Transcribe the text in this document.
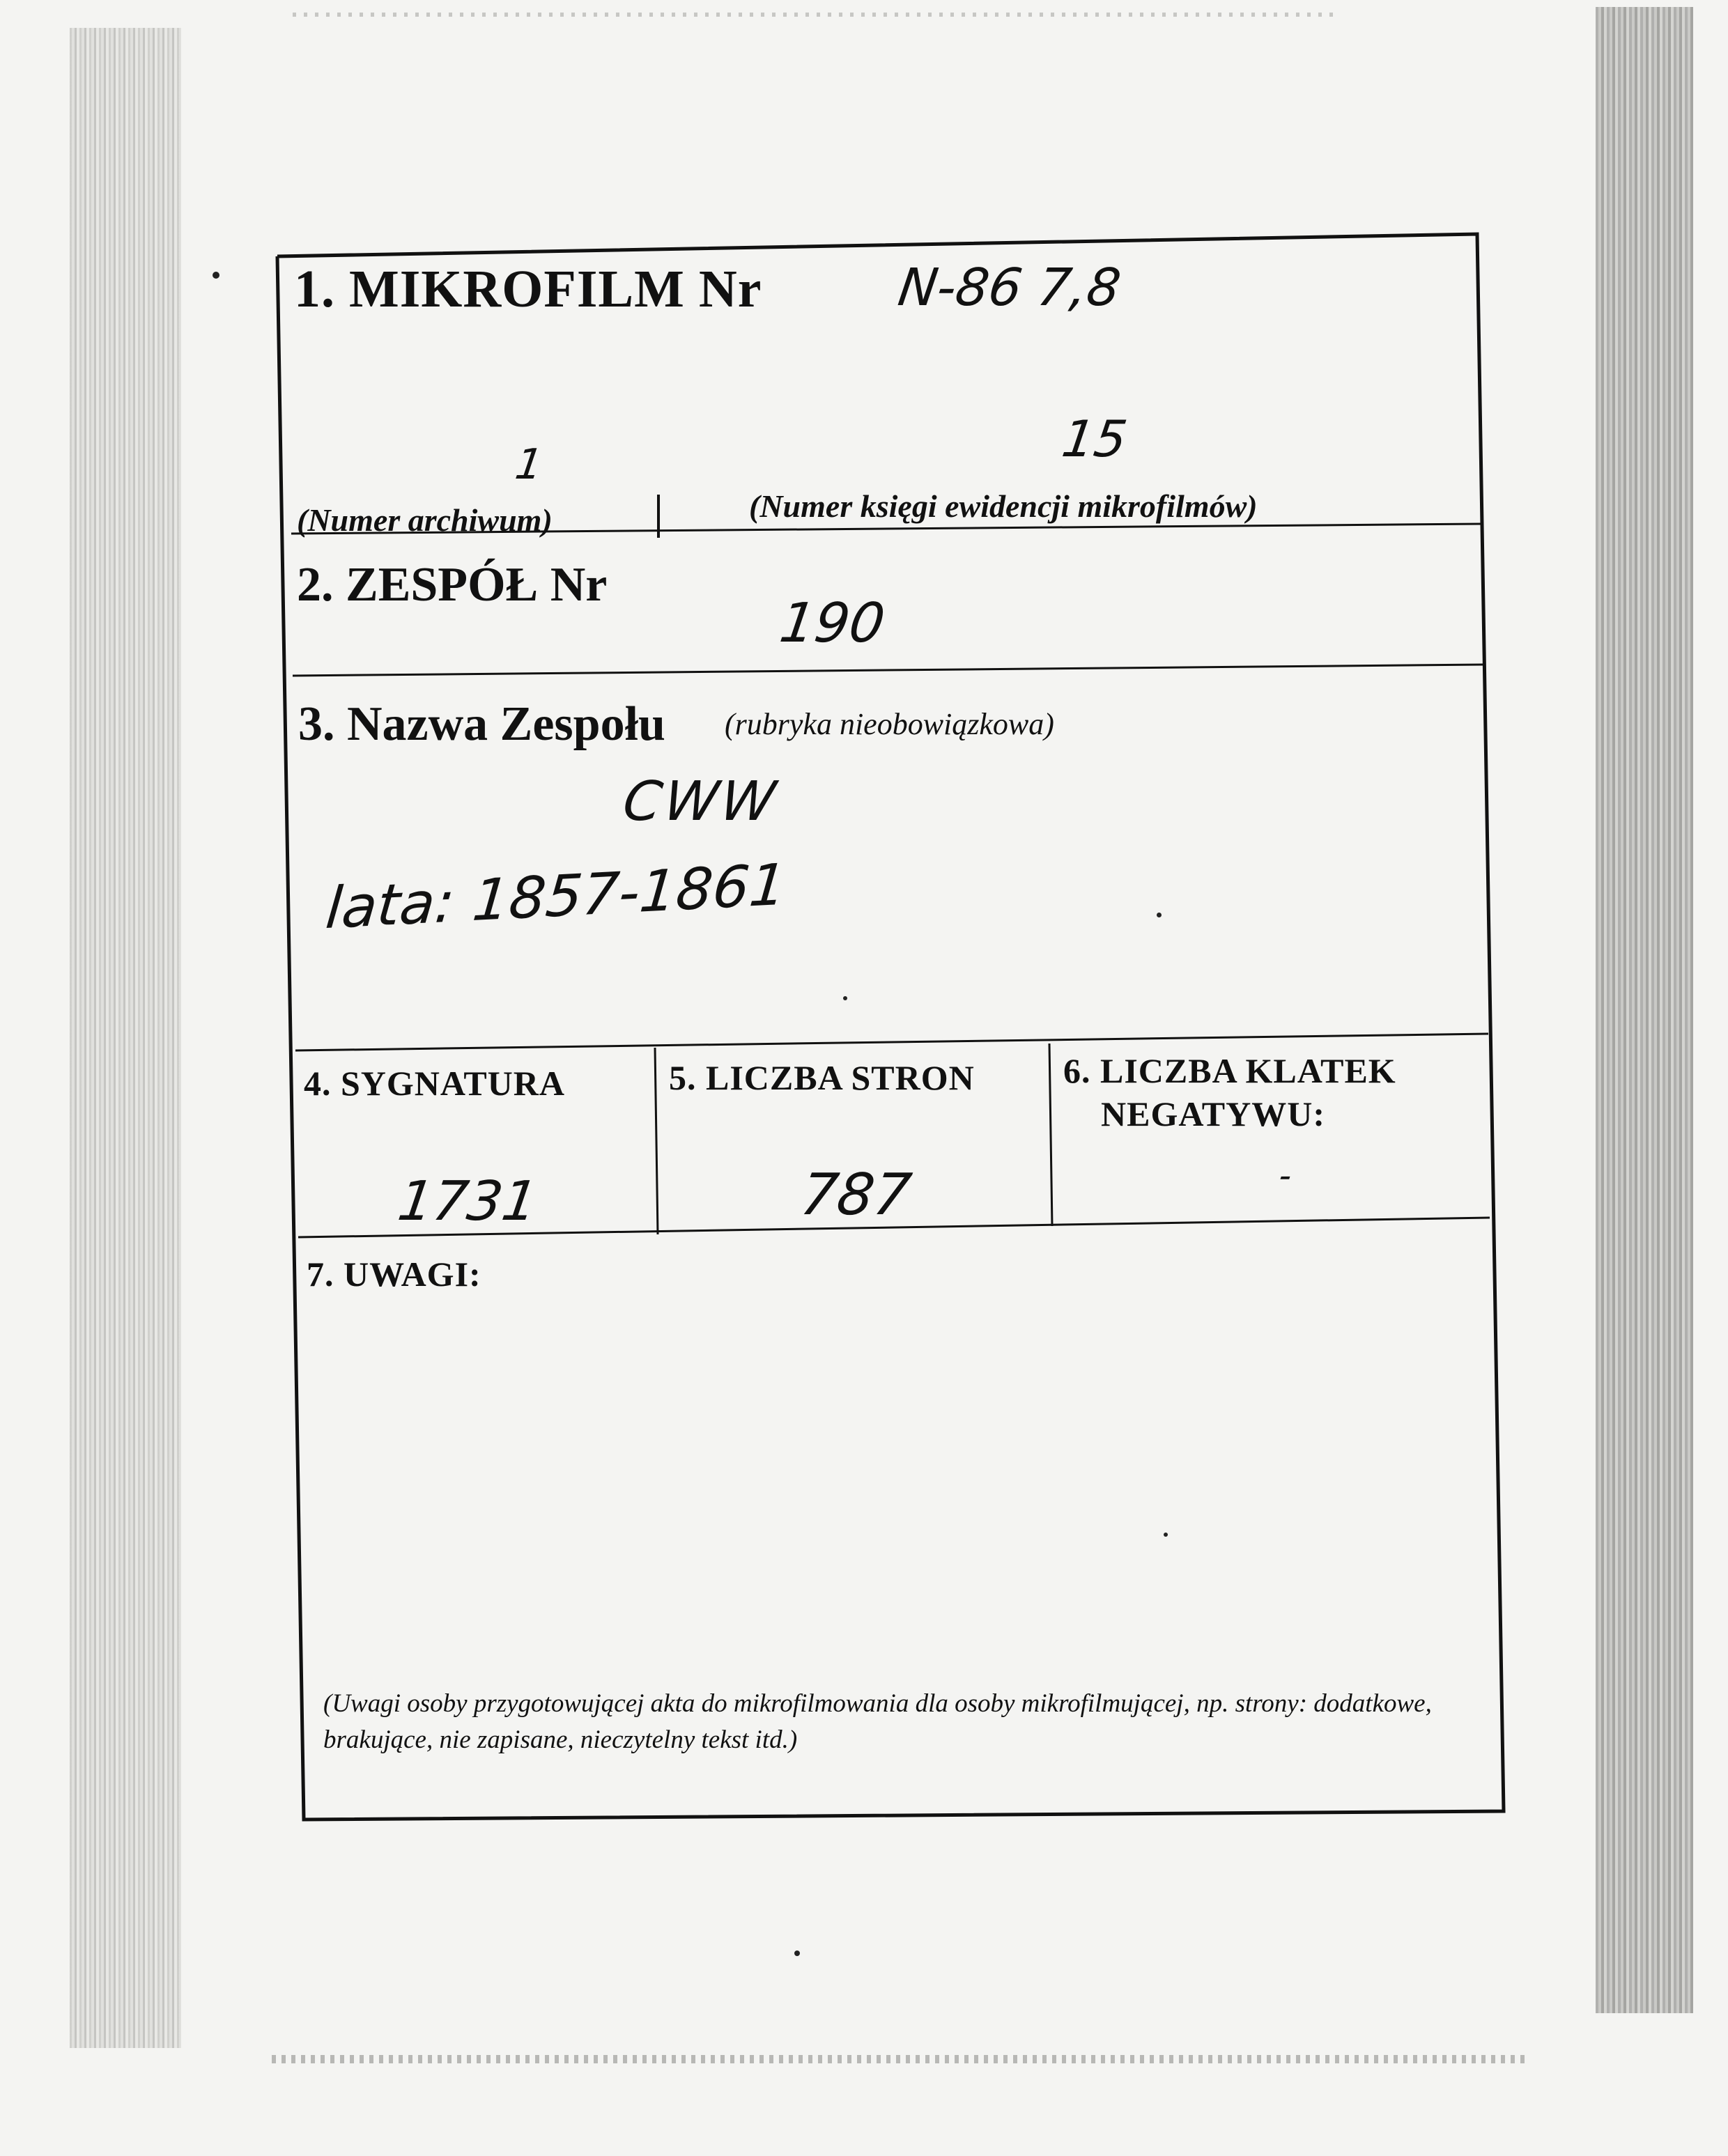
1. MIKROFILM Nr	N-86 7,8
1
(Numer archiwum)
15
(Numer księgi ewidencji mikrofilmów)
2. ZESPÓŁ Nr
190
3. Nazwa Zespołu (rubryka nieobowiązkowa)
CWW
lata: 1857-1861
4. SYGNATURA
1731
5. LICZBA STRON
787
6. LICZBA KLATEK
NEGATYWU:
-
7. UWAGI:
(Uwagi osoby przygotowującej akta do mikrofilmowania dla osoby mikrofilmującej, np. strony: dodatkowe, brakujące, nie zapisane, nieczytelny tekst itd.)
